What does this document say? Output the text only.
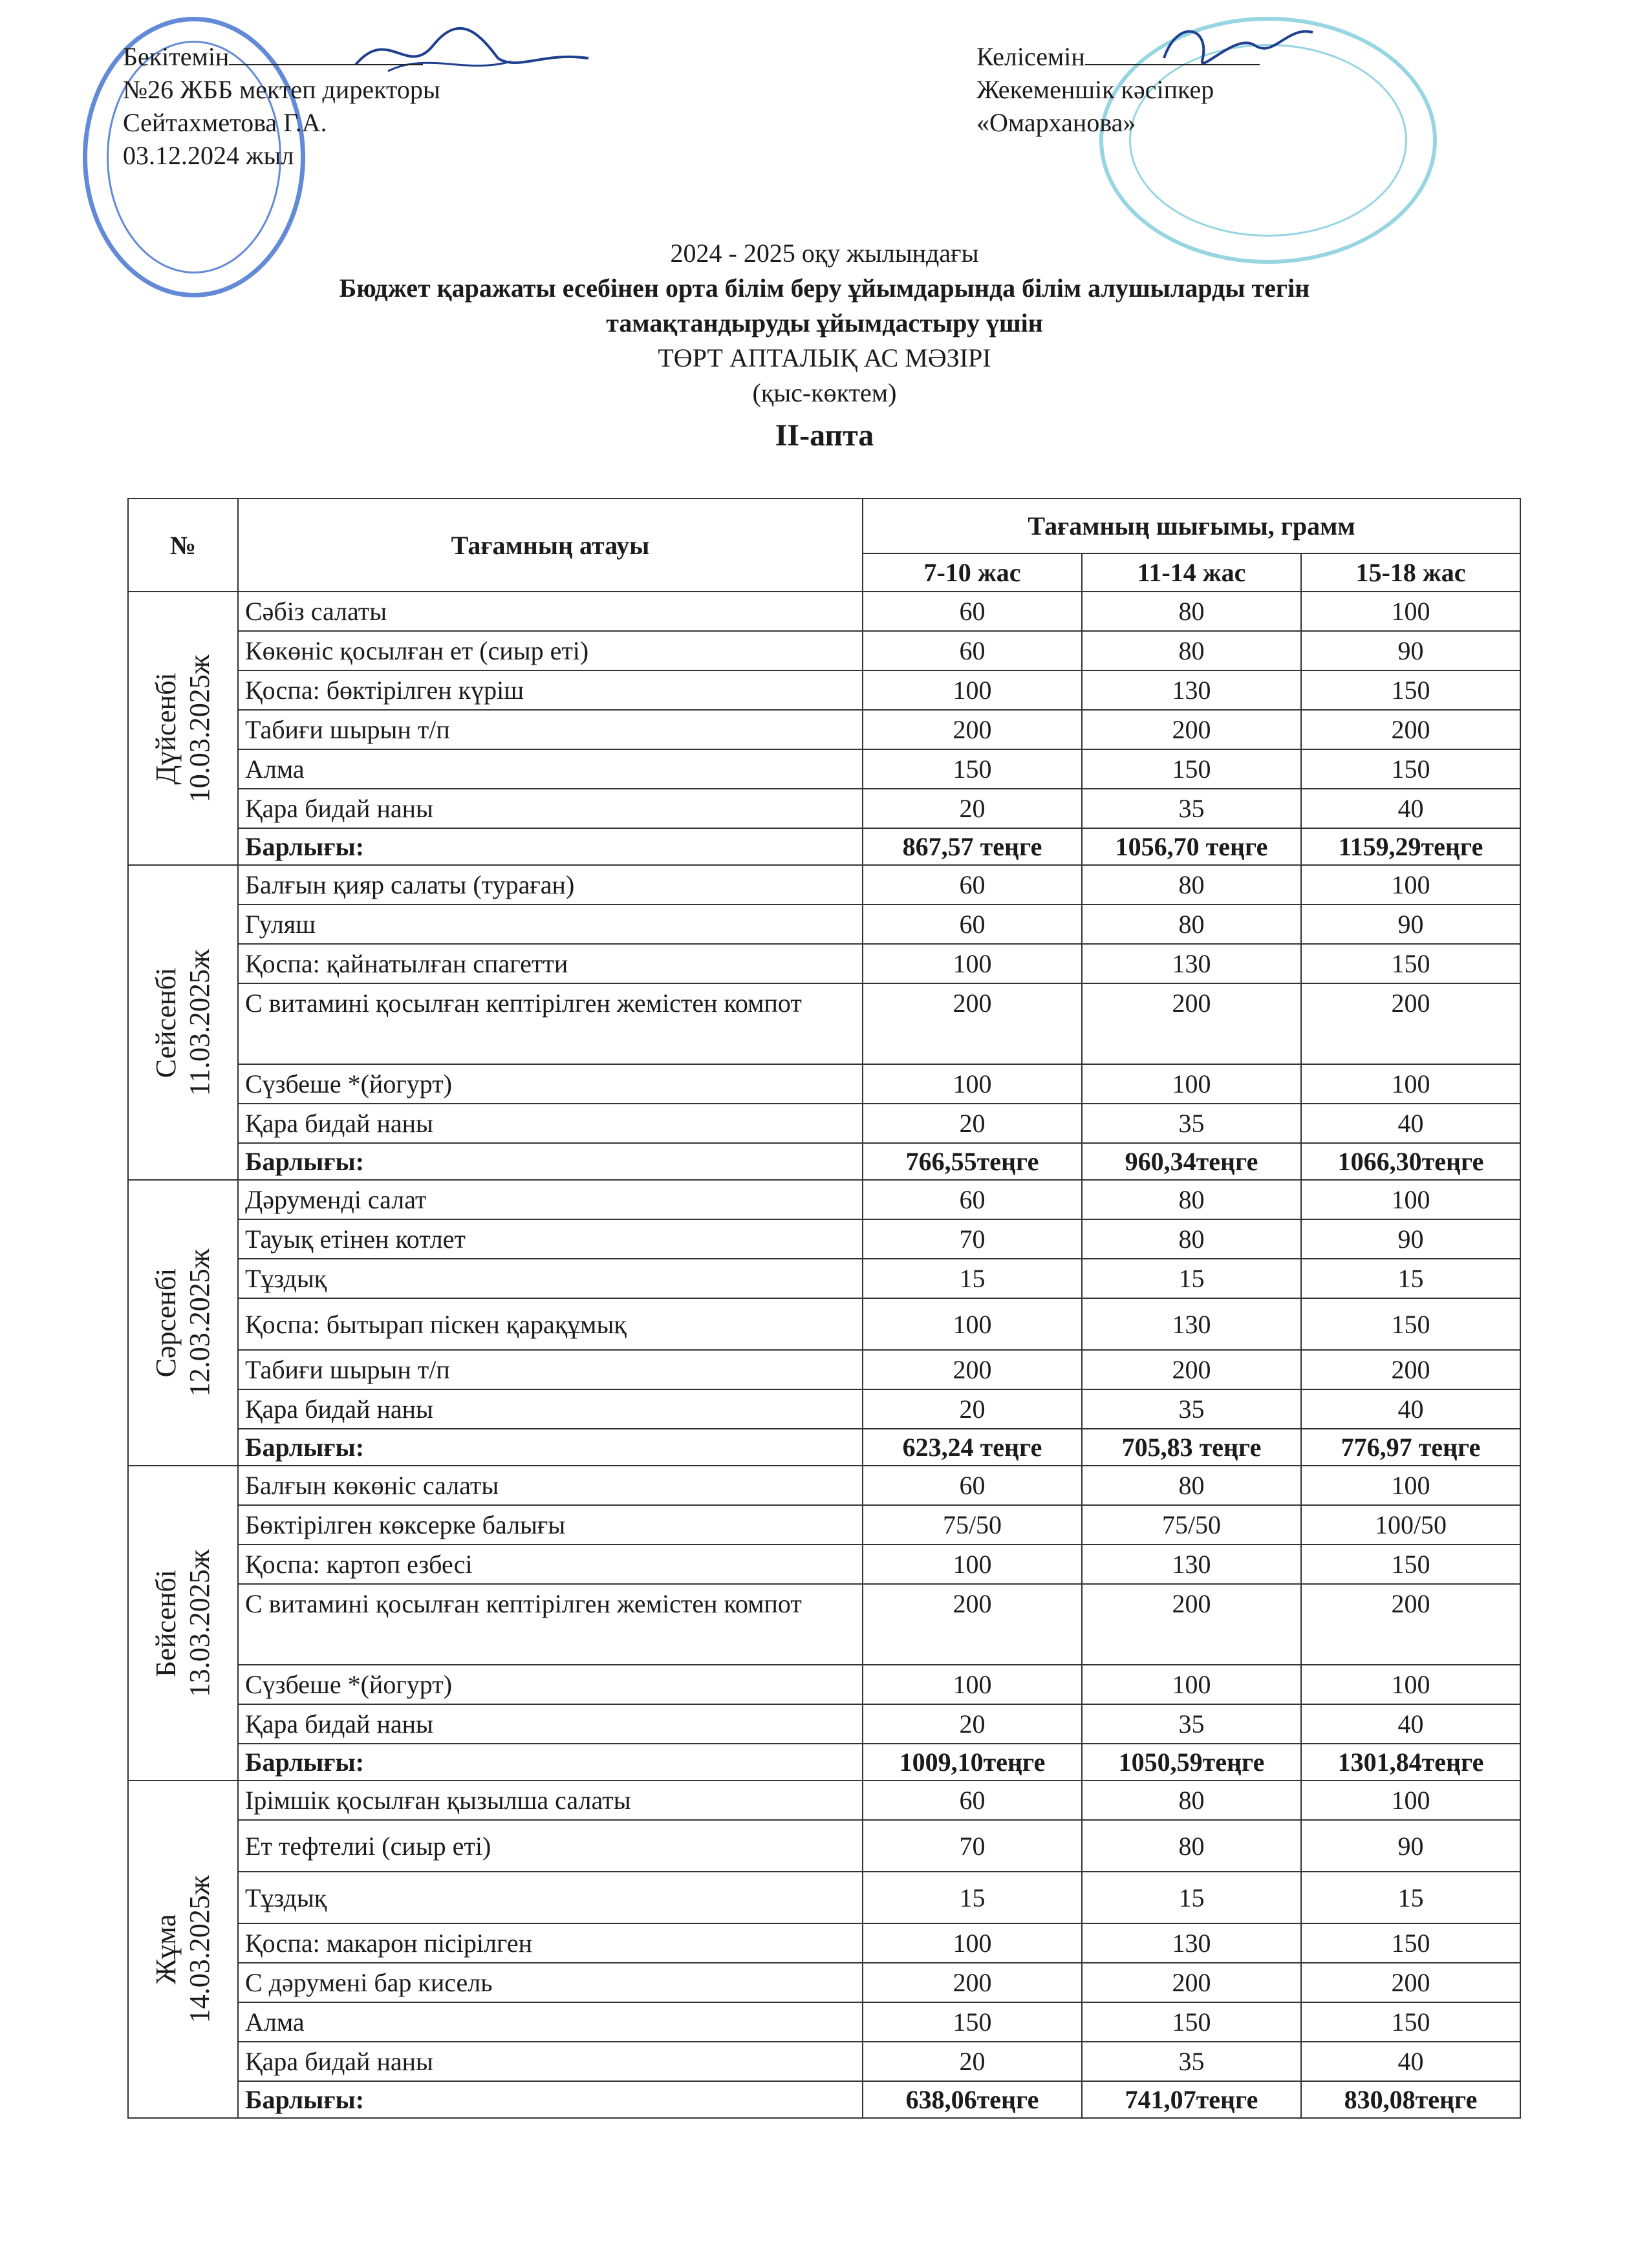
Бекітемін
№26 ЖББ мектеп директоры
Сейтахметова Г.А.
03.12.2024 жыл
Келісемін
Жекеменшік кәсіпкер
«Омарханова»
2024 - 2025 оқу жылындағы
Бюджет қаражаты есебінен орта білім беру ұйымдарында білім алушыларды тегін
тамақтандыруды ұйымдастыру үшін
ТӨРТ АПТАЛЫҚ АС МӘЗІРІ
(қыс-көктем)
ІІ-апта
№	Тағамның атауы	Тағамның шығымы, грамм		
		7-10 жас	11-14 жас	15-18 жас

Дүйсенбі 10.03.2025ж	Сәбіз салаты	60	80	100
	Көкөніс қосылған ет (сиыр еті)	60	80	90
	Қоспа: бөктірілген күріш	100	130	150
	Табиғи шырын т/п	200	200	200
	Алма	150	150	150
	Қара бидай наны	20	35	40
	Барлығы:	867,57 теңге	1056,70 теңге	1159,29теңге

Сейсенбі 11.03.2025ж	Балғын қияр салаты (тураған)	60	80	100
	Гуляш	60	80	90
	Қоспа: қайнатылған спагетти	100	130	150
	С витамині қосылған кептірілген жемістен компот	200	200	200
	Сүзбеше *(йогурт)	100	100	100
	Қара бидай наны	20	35	40
	Барлығы:	766,55теңге	960,34теңге	1066,30теңге

Сәрсенбі 12.03.2025ж	Дәруменді салат	60	80	100
	Тауық етінен котлет	70	80	90
	Тұздық	15	15	15
	Қоспа: бытырап піскен қарақұмық	100	130	150
	Табиғи шырын т/п	200	200	200
	Қара бидай наны	20	35	40
	Барлығы:	623,24 теңге	705,83 теңге	776,97 теңге

Бейсенбі 13.03.2025ж	Балғын көкөніс салаты	60	80	100
	Бөктірілген көксерке балығы	75/50	75/50	100/50
	Қоспа: картоп езбесі	100	130	150
	С витамині қосылған кептірілген жемістен компот	200	200	200
	Сүзбеше *(йогурт)	100	100	100
	Қара бидай наны	20	35	40
	Барлығы:	1009,10теңге	1050,59теңге	1301,84теңге

Жұма 14.03.2025ж	Ірімшік қосылған қызылша салаты	60	80	100
	Ет тефтелиі (сиыр еті)	70	80	90
	Тұздық	15	15	15
	Қоспа: макарон пісірілген	100	130	150
	С дәрумені бар кисель	200	200	200
	Алма	150	150	150
	Қара бидай наны	20	35	40
	Барлығы:	638,06теңге	741,07теңге	830,08теңге
